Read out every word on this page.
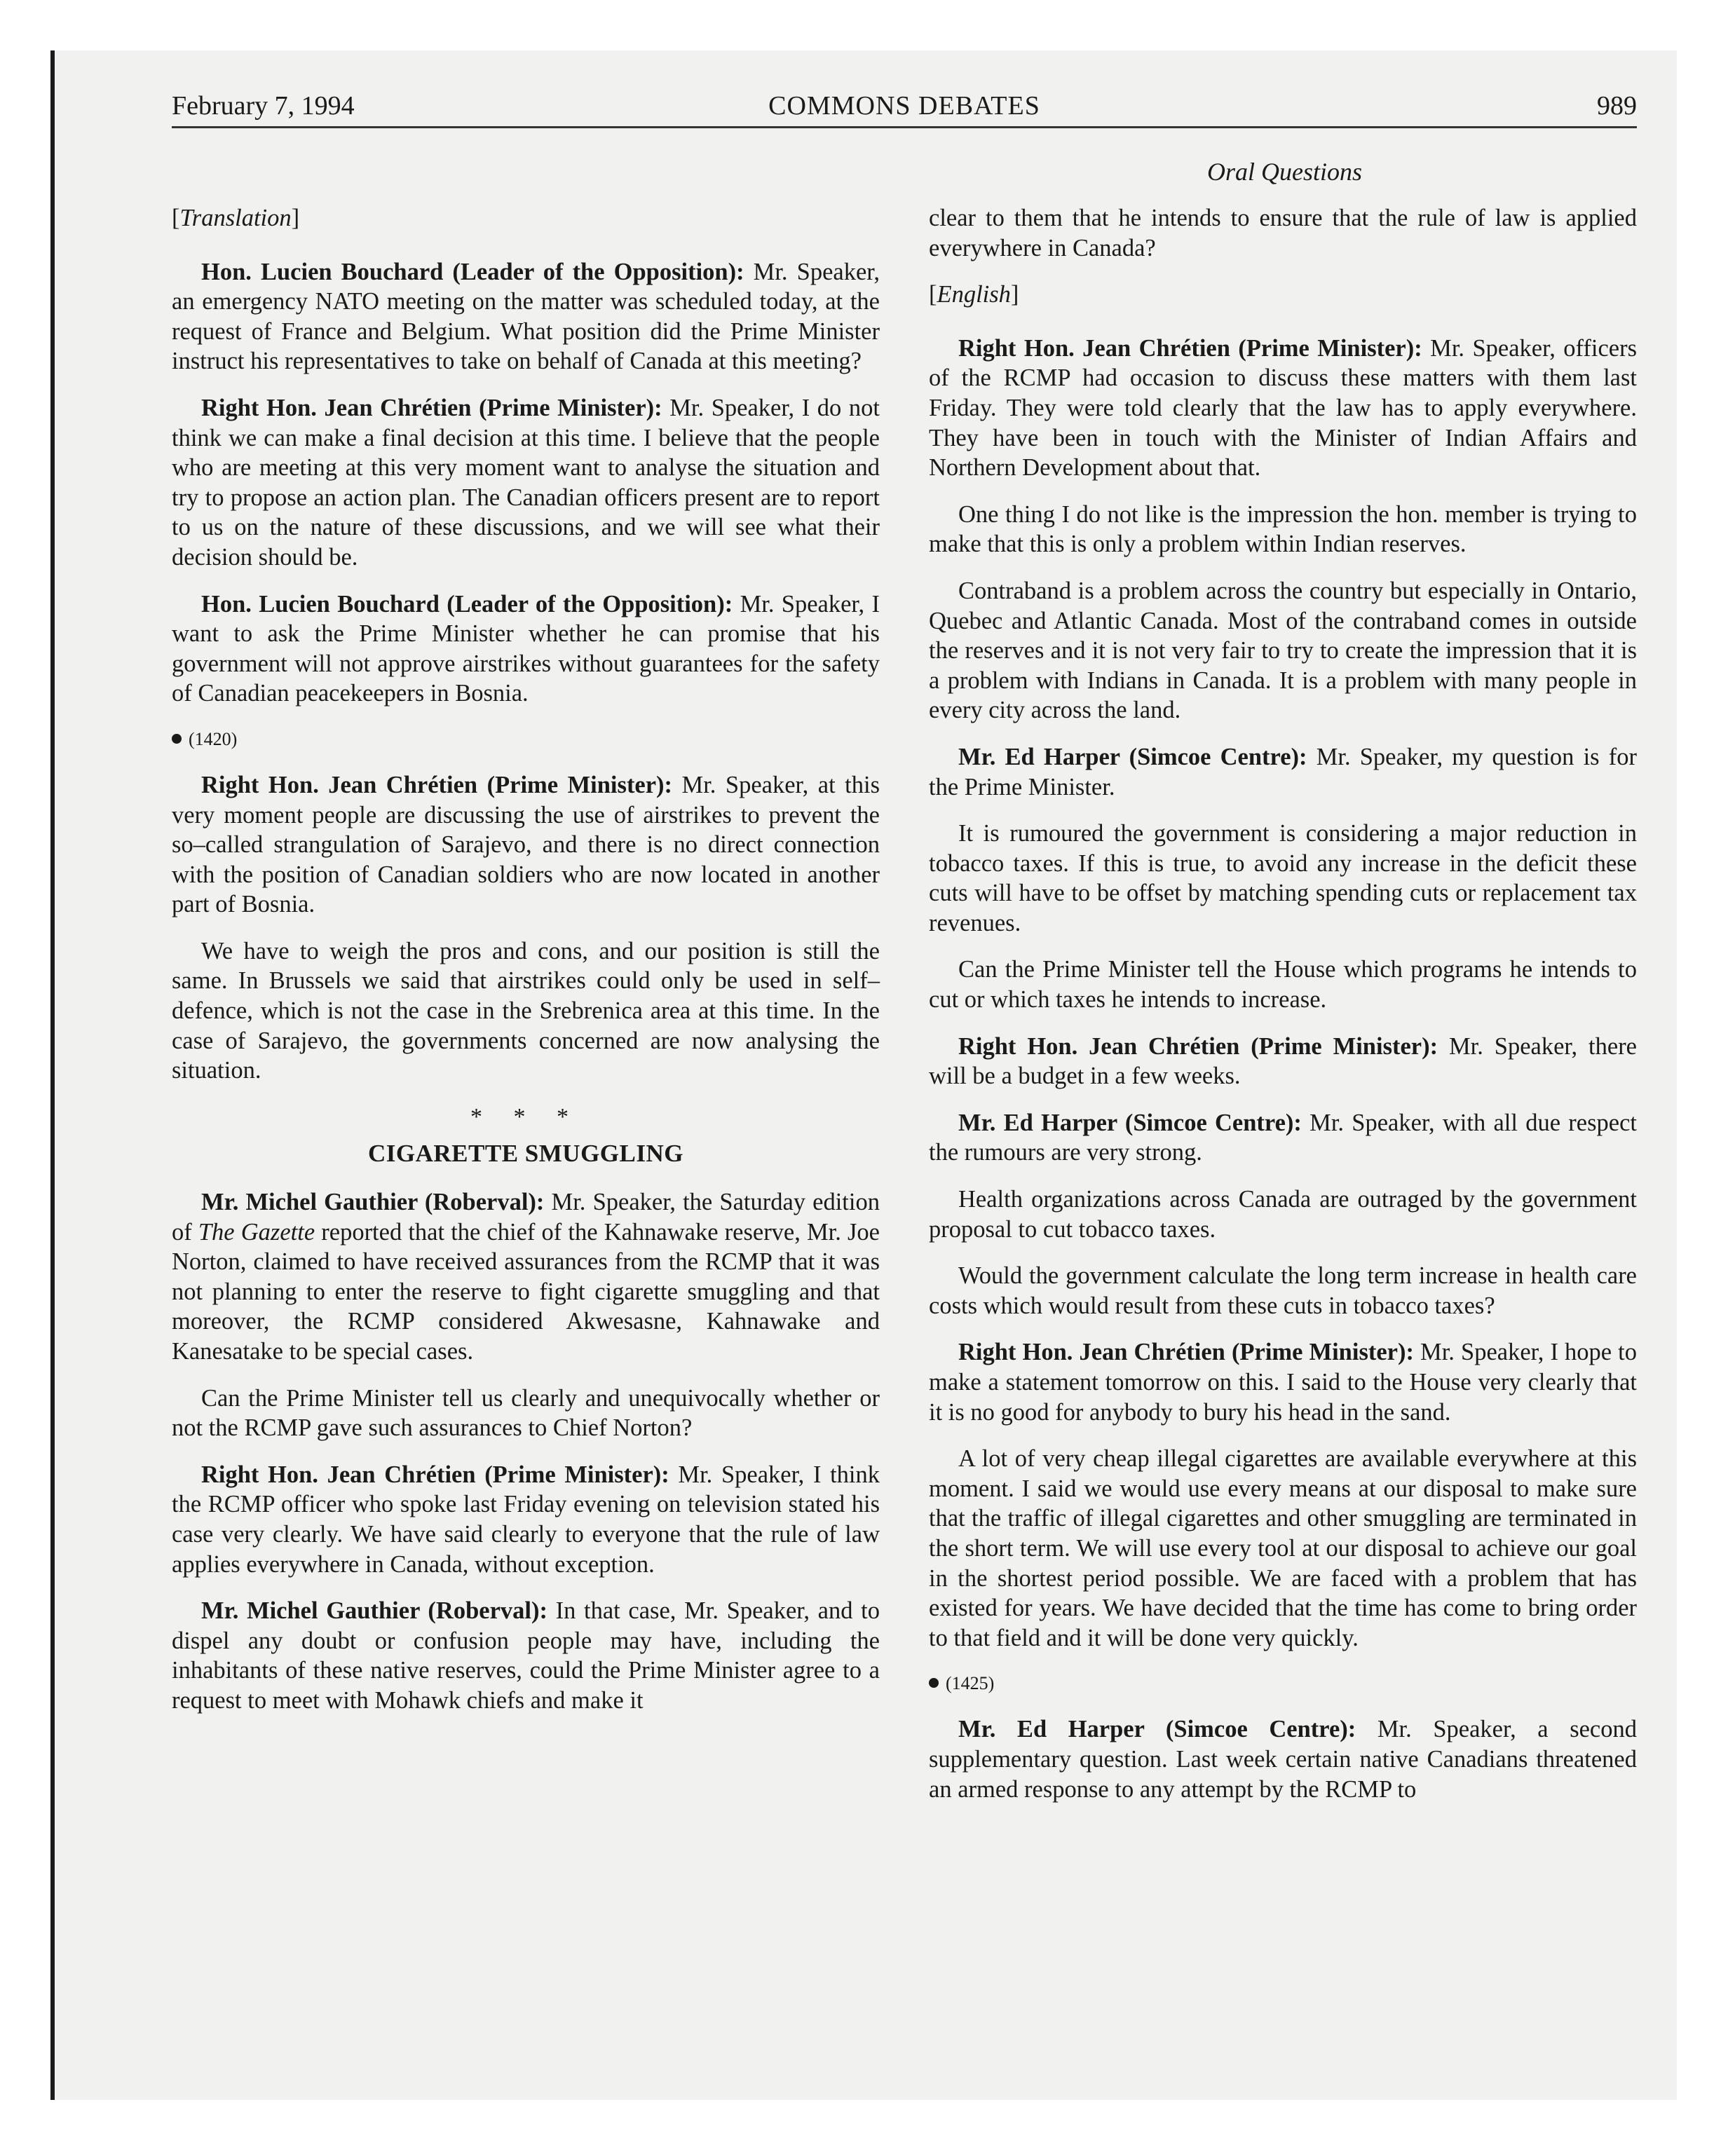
February 7, 1994	COMMONS DEBATES	989
Oral Questions

[Translation]

Hon. Lucien Bouchard (Leader of the Opposition): Mr. Speaker, an emergency NATO meeting on the matter was scheduled today, at the request of France and Belgium. What position did the Prime Minister instruct his representatives to take on behalf of Canada at this meeting?

Right Hon. Jean Chrétien (Prime Minister): Mr. Speaker, I do not think we can make a final decision at this time. I believe that the people who are meeting at this very moment want to analyse the situation and try to propose an action plan. The Canadian officers present are to report to us on the nature of these discussions, and we will see what their decision should be.

Hon. Lucien Bouchard (Leader of the Opposition): Mr. Speaker, I want to ask the Prime Minister whether he can promise that his government will not approve airstrikes without guarantees for the safety of Canadian peacekeepers in Bosnia.

(1420)

Right Hon. Jean Chrétien (Prime Minister): Mr. Speaker, at this very moment people are discussing the use of airstrikes to prevent the so–called strangulation of Sarajevo, and there is no direct connection with the position of Canadian soldiers who are now located in another part of Bosnia.

We have to weigh the pros and cons, and our position is still the same. In Brussels we said that airstrikes could only be used in self–defence, which is not the case in the Srebrenica area at this time. In the case of Sarajevo, the governments concerned are now analysing the situation.

* * *
CIGARETTE SMUGGLING

Mr. Michel Gauthier (Roberval): Mr. Speaker, the Saturday edition of The Gazette reported that the chief of the Kahnawake reserve, Mr. Joe Norton, claimed to have received assurances from the RCMP that it was not planning to enter the reserve to fight cigarette smuggling and that moreover, the RCMP considered Akwesasne, Kahnawake and Kanesatake to be special cases.

Can the Prime Minister tell us clearly and unequivocally whether or not the RCMP gave such assurances to Chief Norton?

Right Hon. Jean Chrétien (Prime Minister): Mr. Speaker, I think the RCMP officer who spoke last Friday evening on television stated his case very clearly. We have said clearly to everyone that the rule of law applies everywhere in Canada, without exception.

Mr. Michel Gauthier (Roberval): In that case, Mr. Speaker, and to dispel any doubt or confusion people may have, including the inhabitants of these native reserves, could the Prime Minister agree to a request to meet with Mohawk chiefs and make it

clear to them that he intends to ensure that the rule of law is applied everywhere in Canada?

[English]

Right Hon. Jean Chrétien (Prime Minister): Mr. Speaker, officers of the RCMP had occasion to discuss these matters with them last Friday. They were told clearly that the law has to apply everywhere. They have been in touch with the Minister of Indian Affairs and Northern Development about that.

One thing I do not like is the impression the hon. member is trying to make that this is only a problem within Indian reserves.

Contraband is a problem across the country but especially in Ontario, Quebec and Atlantic Canada. Most of the contraband comes in outside the reserves and it is not very fair to try to create the impression that it is a problem with Indians in Canada. It is a problem with many people in every city across the land.

Mr. Ed Harper (Simcoe Centre): Mr. Speaker, my question is for the Prime Minister.

It is rumoured the government is considering a major reduction in tobacco taxes. If this is true, to avoid any increase in the deficit these cuts will have to be offset by matching spending cuts or replacement tax revenues.

Can the Prime Minister tell the House which programs he intends to cut or which taxes he intends to increase.

Right Hon. Jean Chrétien (Prime Minister): Mr. Speaker, there will be a budget in a few weeks.

Mr. Ed Harper (Simcoe Centre): Mr. Speaker, with all due respect the rumours are very strong.

Health organizations across Canada are outraged by the government proposal to cut tobacco taxes.

Would the government calculate the long term increase in health care costs which would result from these cuts in tobacco taxes?

Right Hon. Jean Chrétien (Prime Minister): Mr. Speaker, I hope to make a statement tomorrow on this. I said to the House very clearly that it is no good for anybody to bury his head in the sand.

A lot of very cheap illegal cigarettes are available everywhere at this moment. I said we would use every means at our disposal to make sure that the traffic of illegal cigarettes and other smuggling are terminated in the short term. We will use every tool at our disposal to achieve our goal in the shortest period possible. We are faced with a problem that has existed for years. We have decided that the time has come to bring order to that field and it will be done very quickly.

(1425)

Mr. Ed Harper (Simcoe Centre): Mr. Speaker, a second supplementary question. Last week certain native Canadians threatened an armed response to any attempt by the RCMP to
